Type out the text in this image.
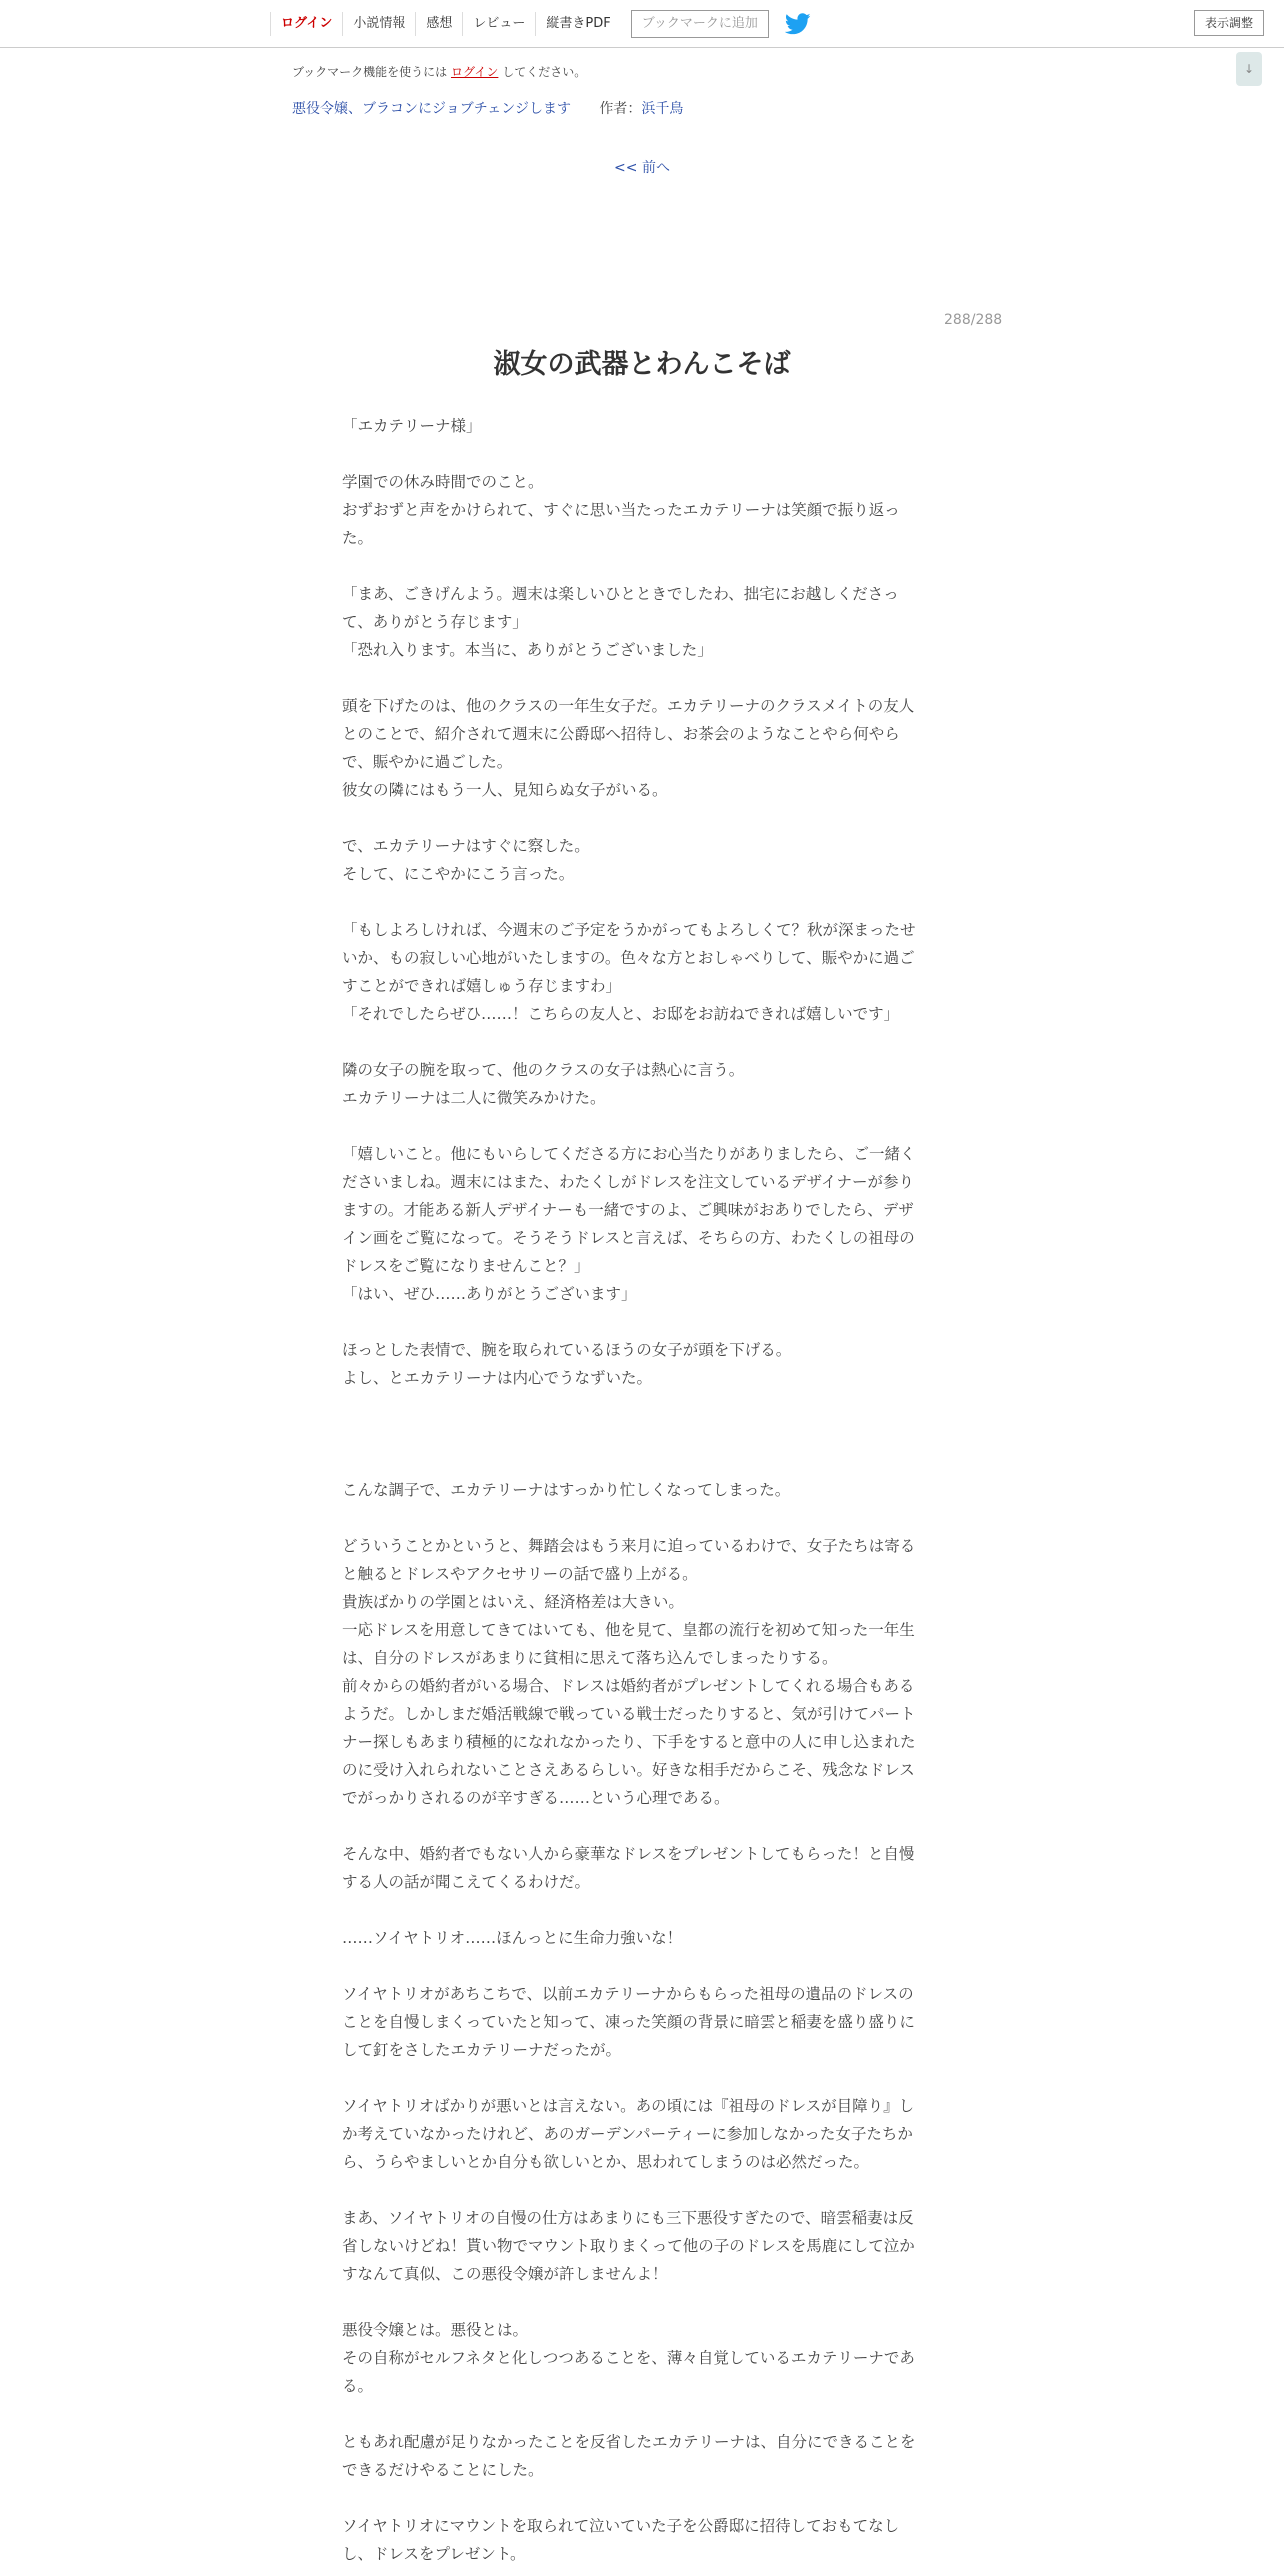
ログイン	小説情報	感想	レビュー	縦書きPDF	ブックマークに追加	表示調整
↓
ブックマーク機能を使うには ログイン してください。
悪役令嬢、ブラコンにジョブチェンジします 作者：浜千鳥
<< 前へ
288/288
淑女の武器とわんこそば

「エカテリーナ様」

学園での休み時間でのこと。

おずおずと声をかけられて、すぐに思い当たったエカテリーナは笑顔で振り返っ

た。

「まあ、ごきげんよう。週末は楽しいひとときでしたわ、拙宅にお越しくださっ

て、ありがとう存じます」

「恐れ入ります。本当に、ありがとうございました」

頭を下げたのは、他のクラスの一年生女子だ。エカテリーナのクラスメイトの友人

とのことで、紹介されて週末に公爵邸へ招待し、お茶会のようなことやら何やら

で、賑やかに過ごした。

彼女の隣にはもう一人、見知らぬ女子がいる。

で、エカテリーナはすぐに察した。

そして、にこやかにこう言った。

「もしよろしければ、今週末のご予定をうかがってもよろしくて？秋が深まったせ

いか、もの寂しい心地がいたしますの。色々な方とおしゃべりして、賑やかに過ご

すことができれば嬉しゅう存じますわ」

「それでしたらぜひ……！こちらの友人と、お邸をお訪ねできれば嬉しいです」

隣の女子の腕を取って、他のクラスの女子は熱心に言う。

エカテリーナは二人に微笑みかけた。

「嬉しいこと。他にもいらしてくださる方にお心当たりがありましたら、ご一緒く

ださいましね。週末にはまた、わたくしがドレスを注文しているデザイナーが参り

ますの。才能ある新人デザイナーも一緒ですのよ、ご興味がおありでしたら、デザ

イン画をご覧になって。そうそうドレスと言えば、そちらの方、わたくしの祖母の

ドレスをご覧になりませんこと？」

「はい、ぜひ……ありがとうございます」

ほっとした表情で、腕を取られているほうの女子が頭を下げる。

よし、とエカテリーナは内心でうなずいた。

こんな調子で、エカテリーナはすっかり忙しくなってしまった。

どういうことかというと、舞踏会はもう来月に迫っているわけで、女子たちは寄る

と触るとドレスやアクセサリーの話で盛り上がる。

貴族ばかりの学園とはいえ、経済格差は大きい。

一応ドレスを用意してきてはいても、他を見て、皇都の流行を初めて知った一年生

は、自分のドレスがあまりに貧相に思えて落ち込んでしまったりする。

前々からの婚約者がいる場合、ドレスは婚約者がプレゼントしてくれる場合もある

ようだ。しかしまだ婚活戦線で戦っている戦士だったりすると、気が引けてパート

ナー探しもあまり積極的になれなかったり、下手をすると意中の人に申し込まれた

のに受け入れられないことさえあるらしい。好きな相手だからこそ、残念なドレス

でがっかりされるのが辛すぎる……という心理である。

そんな中、婚約者でもない人から豪華なドレスをプレゼントしてもらった！と自慢

する人の話が聞こえてくるわけだ。

……ソイヤトリオ……ほんっとに生命力強いな！

ソイヤトリオがあちこちで、以前エカテリーナからもらった祖母の遺品のドレスの

ことを自慢しまくっていたと知って、凍った笑顔の背景に暗雲と稲妻を盛り盛りに

して釘をさしたエカテリーナだったが。

ソイヤトリオばかりが悪いとは言えない。あの頃には『祖母のドレスが目障り』し

か考えていなかったけれど、あのガーデンパーティーに参加しなかった女子たちか

ら、うらやましいとか自分も欲しいとか、思われてしまうのは必然だった。

まあ、ソイヤトリオの自慢の仕方はあまりにも三下悪役すぎたので、暗雲稲妻は反

省しないけどね！貰い物でマウント取りまくって他の子のドレスを馬鹿にして泣か

すなんて真似、この悪役令嬢が許しませんよ！

悪役令嬢とは。悪役とは。

その自称がセルフネタと化しつつあることを、薄々自覚しているエカテリーナであ

る。

ともあれ配慮が足りなかったことを反省したエカテリーナは、自分にできることを

できるだけやることにした。

ソイヤトリオにマウントを取られて泣いていた子を公爵邸に招待しておもてなし

し、ドレスをプレゼント。
